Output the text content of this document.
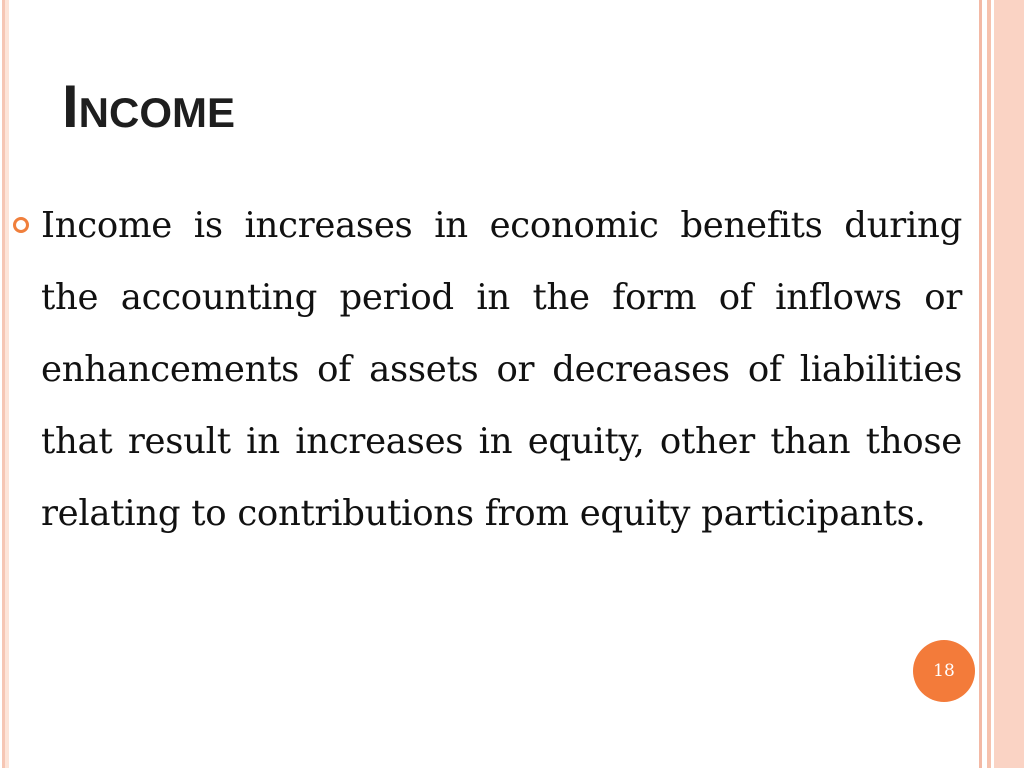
Income

Income is increases in economic benefits during the accounting period in the form of inflows or enhancements of assets or decreases of liabilities that result in increases in equity, other than those relating to contributions from equity participants.

18
